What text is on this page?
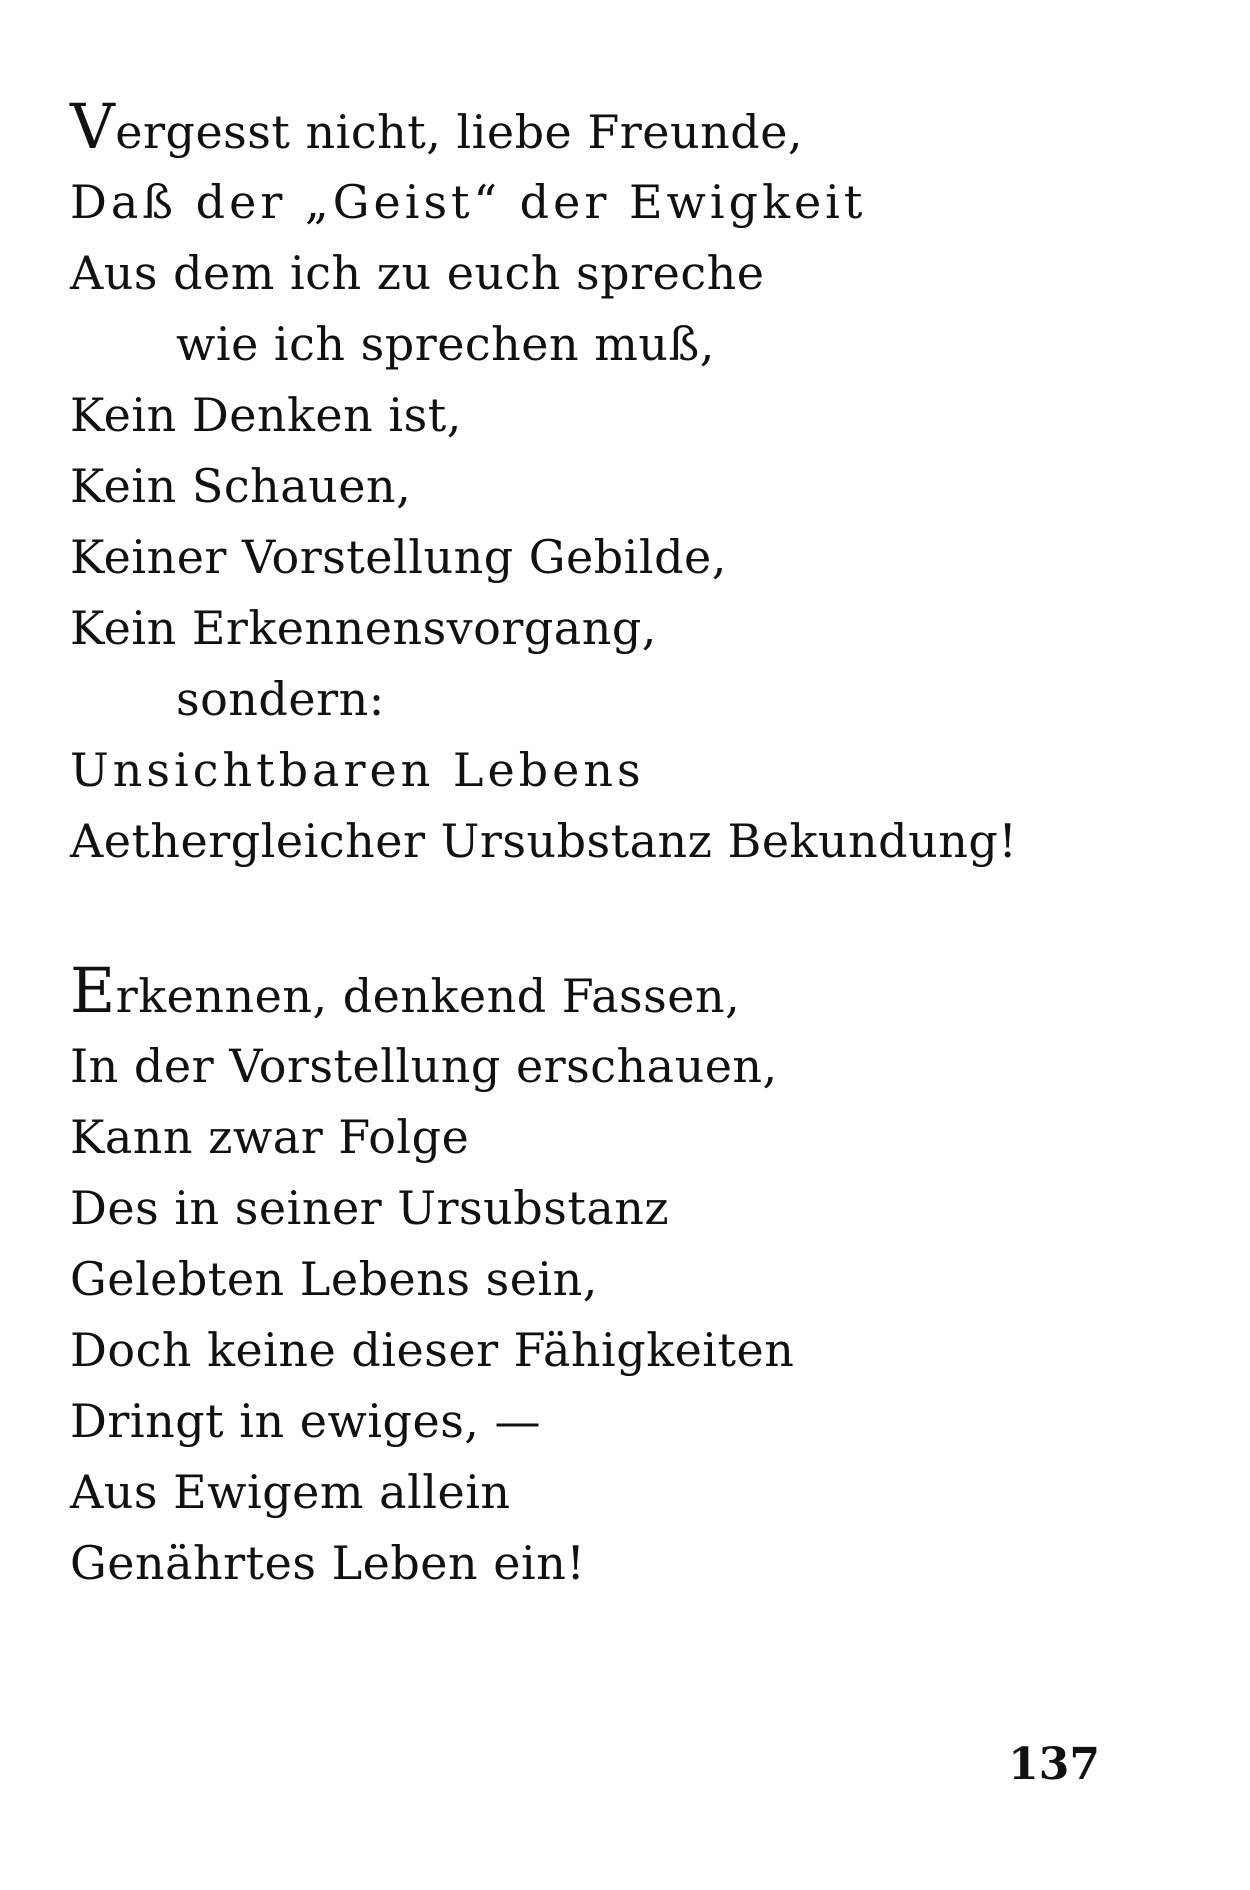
Vergesst nicht, liebe Freunde,
Daß der „Geist“ der Ewigkeit
Aus dem ich zu euch spreche
wie ich sprechen muß,
Kein Denken ist,
Kein Schauen,
Keiner Vorstellung Gebilde,
Kein Erkennensvorgang,
sondern:
Unsichtbaren Lebens
Aethergleicher Ursubstanz Bekundung!
Erkennen, denkend Fassen,
In der Vorstellung erschauen,
Kann zwar Folge
Des in seiner Ursubstanz
Gelebten Lebens sein,
Doch keine dieser Fähigkeiten
Dringt in ewiges, —
Aus Ewigem allein
Genährtes Leben ein!
137
